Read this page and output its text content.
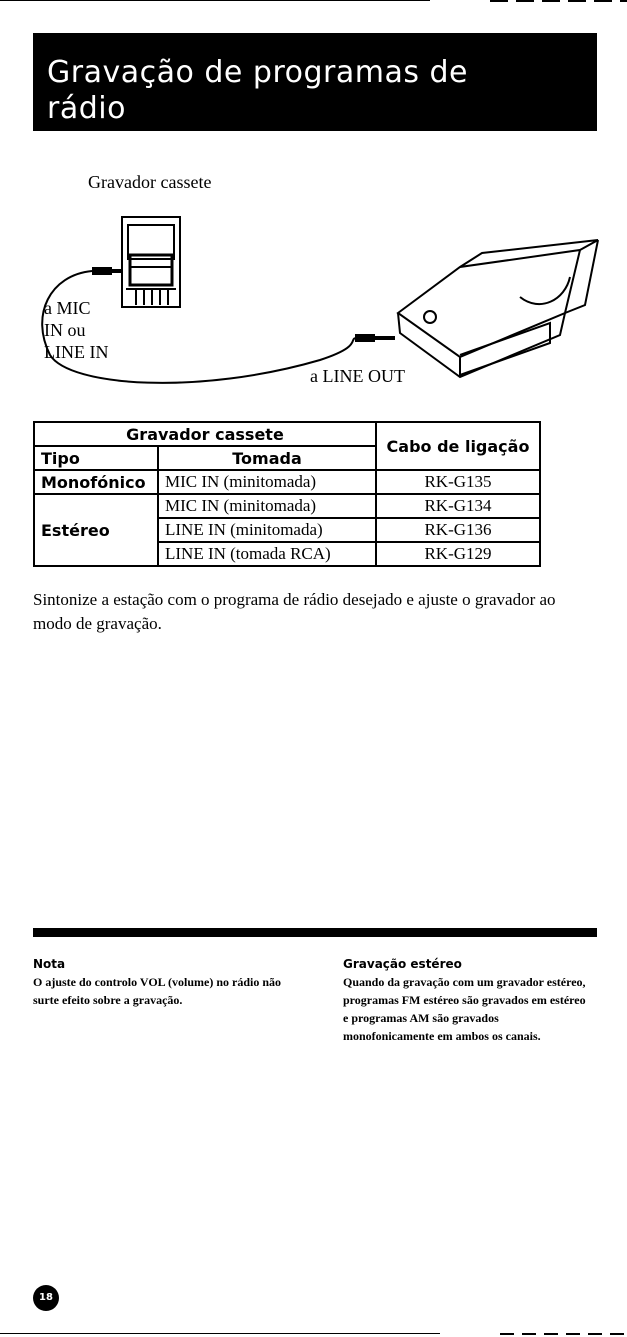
Gravação de programas de
rádio
Gravador cassete
a MIC
IN ou
LINE IN
a LINE OUT
Gravador cassete		Cabo de ligação
Tipo	Tomada	
Monofónico	MIC IN (minitomada)	RK-G135
Estéreo	MIC IN (minitomada)	RK-G134
	LINE IN (minitomada)	RK-G136
	LINE IN (tomada RCA)	RK-G129
Sintonize a estação com o programa de rádio desejado e ajuste o gravador ao modo de gravação.
Nota
O ajuste do controlo VOL (volume) no rádio não surte efeito sobre a gravação.
Gravação estéreo
Quando da gravação com um gravador estéreo, programas FM estéreo são gravados em estéreo e programas AM são gravados monofonicamente em ambos os canais.
18
